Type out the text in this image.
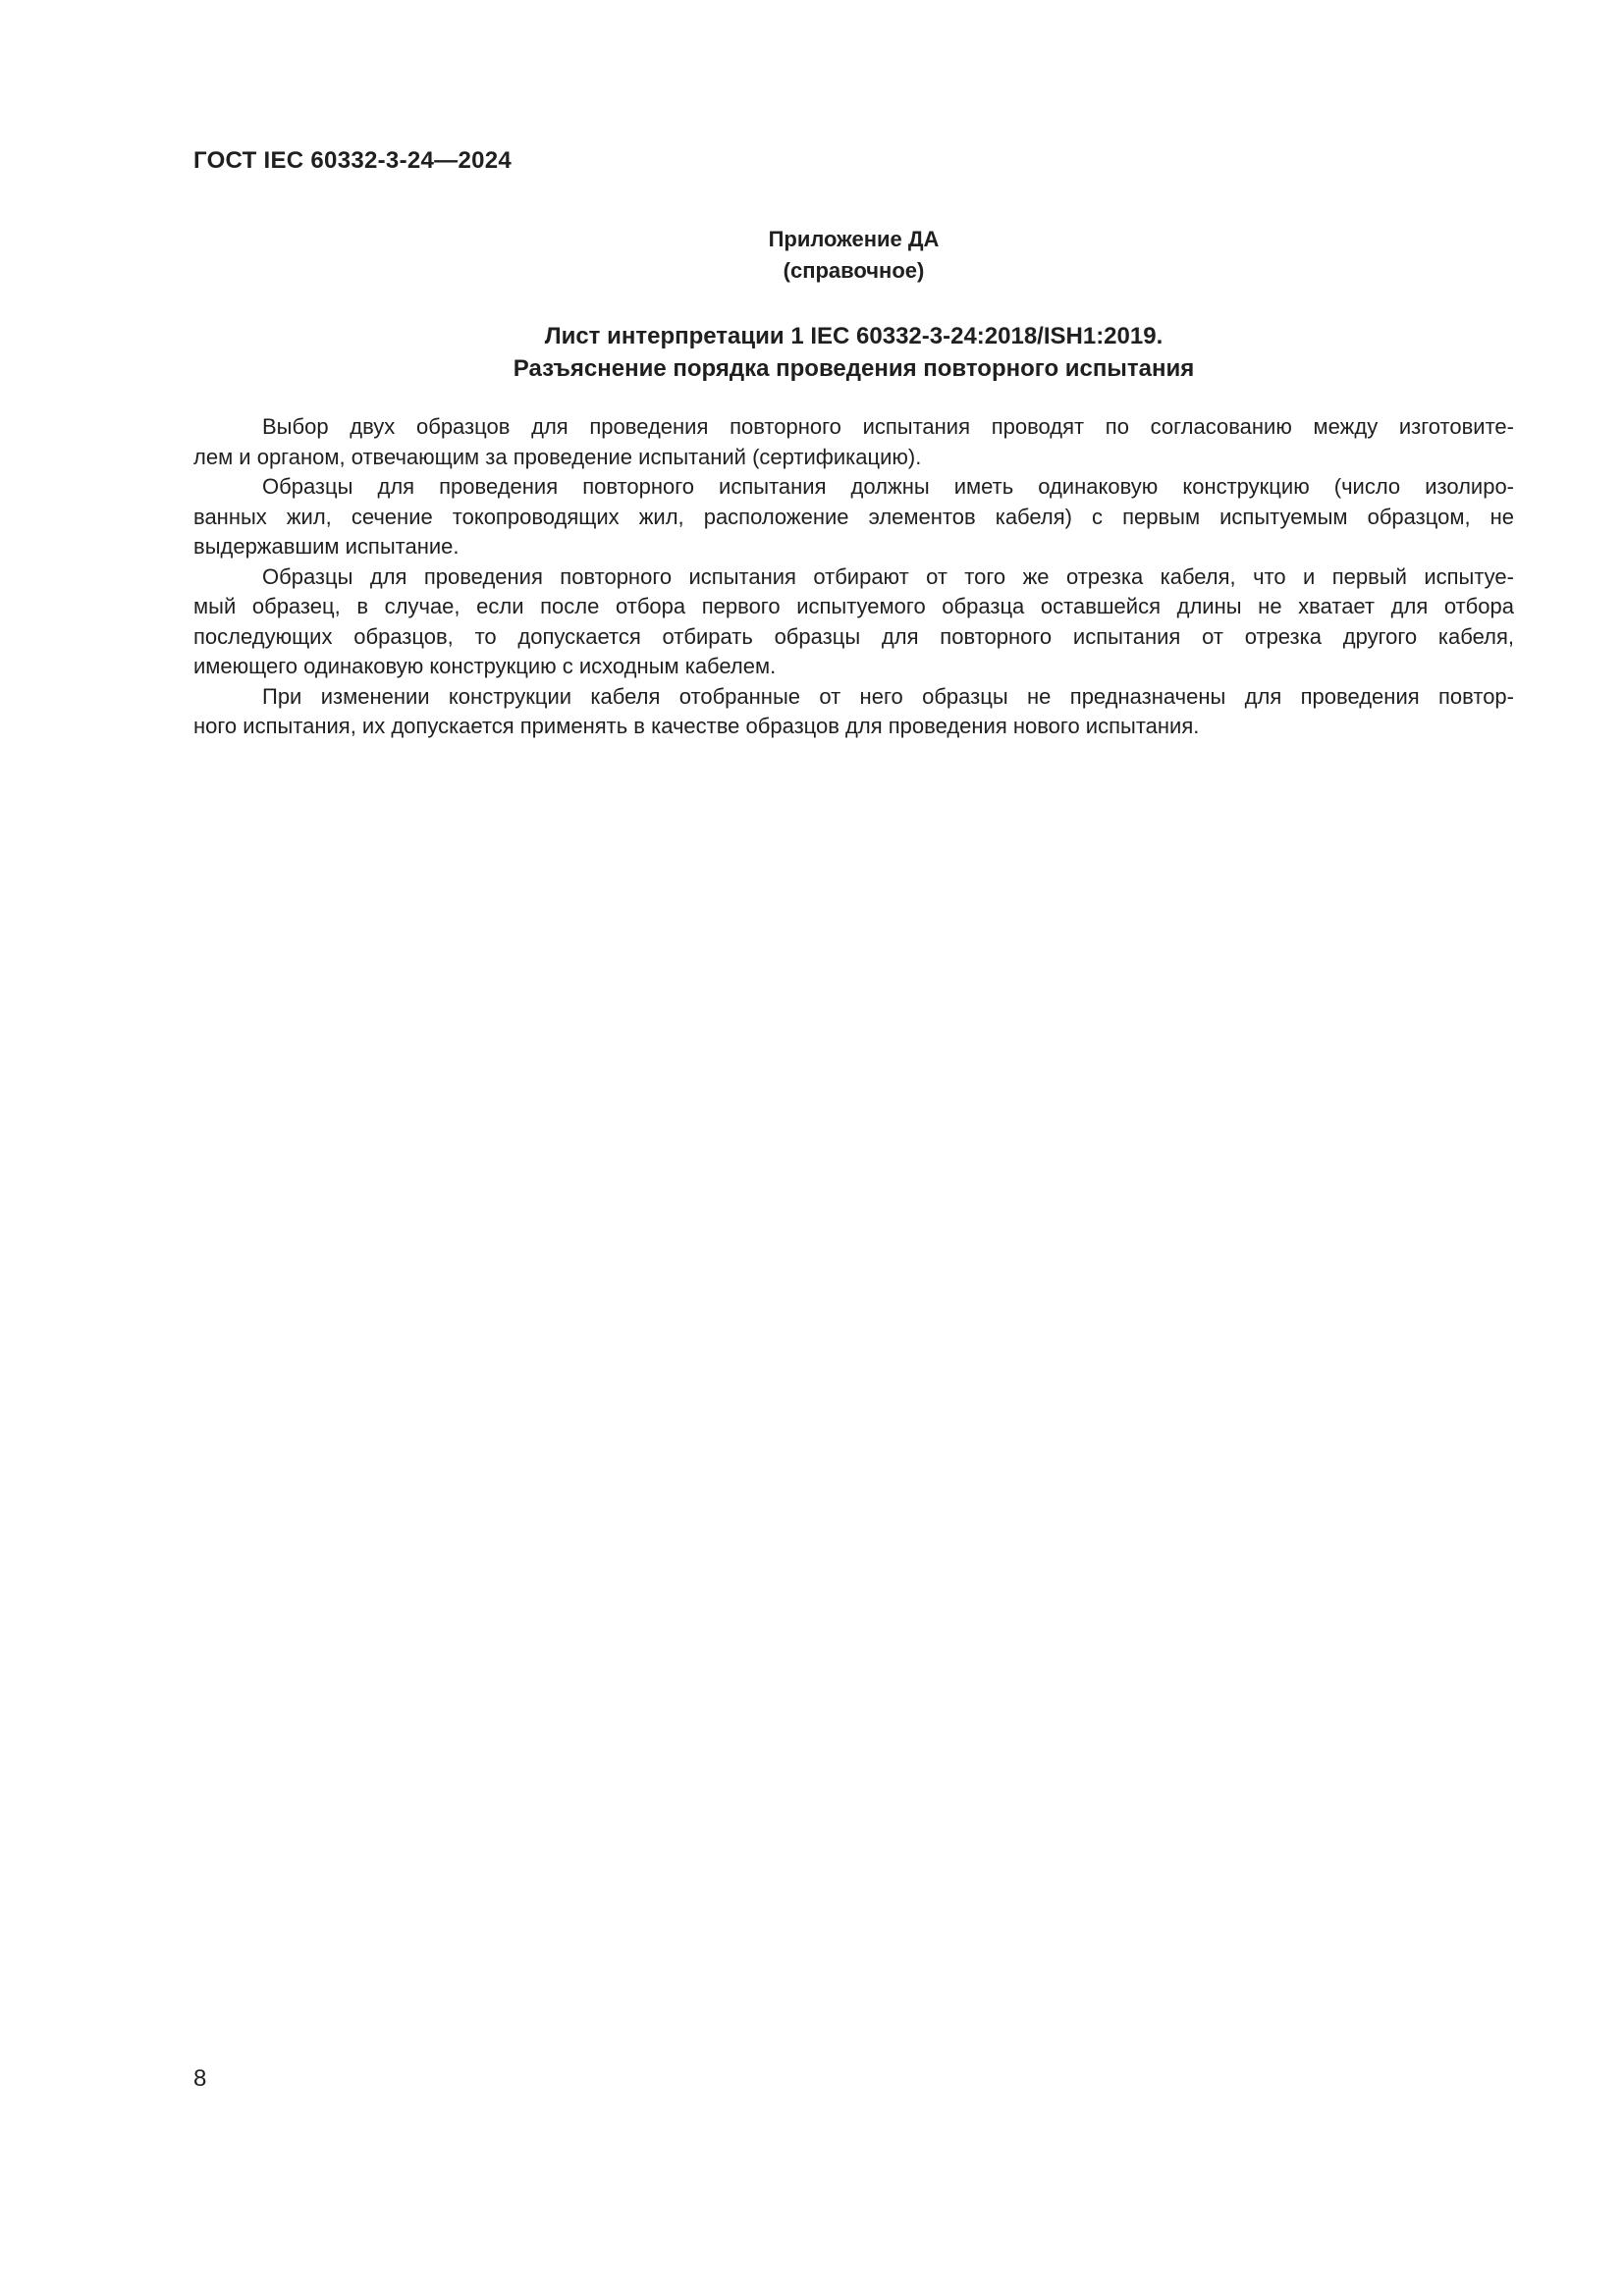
ГОСТ IEC 60332-3-24—2024
Приложение ДА
(справочное)
Лист интерпретации 1 IEC 60332-3-24:2018/ISH1:2019.
Разъяснение порядка проведения повторного испытания
Выбор двух образцов для проведения повторного испытания проводят по согласованию между изготовите-
лем и органом, отвечающим за проведение испытаний (сертификацию).
Образцы для проведения повторного испытания должны иметь одинаковую конструкцию (число изолиро-
ванных жил, сечение токопроводящих жил, расположение элементов кабеля) с первым испытуемым образцом, не
выдержавшим испытание.
Образцы для проведения повторного испытания отбирают от того же отрезка кабеля, что и первый испытуе-
мый образец, в случае, если после отбора первого испытуемого образца оставшейся длины не хватает для отбора
последующих образцов, то допускается отбирать образцы для повторного испытания от отрезка другого кабеля,
имеющего одинаковую конструкцию с исходным кабелем.
При изменении конструкции кабеля отобранные от него образцы не предназначены для проведения повтор-
ного испытания, их допускается применять в качестве образцов для проведения нового испытания.
8
